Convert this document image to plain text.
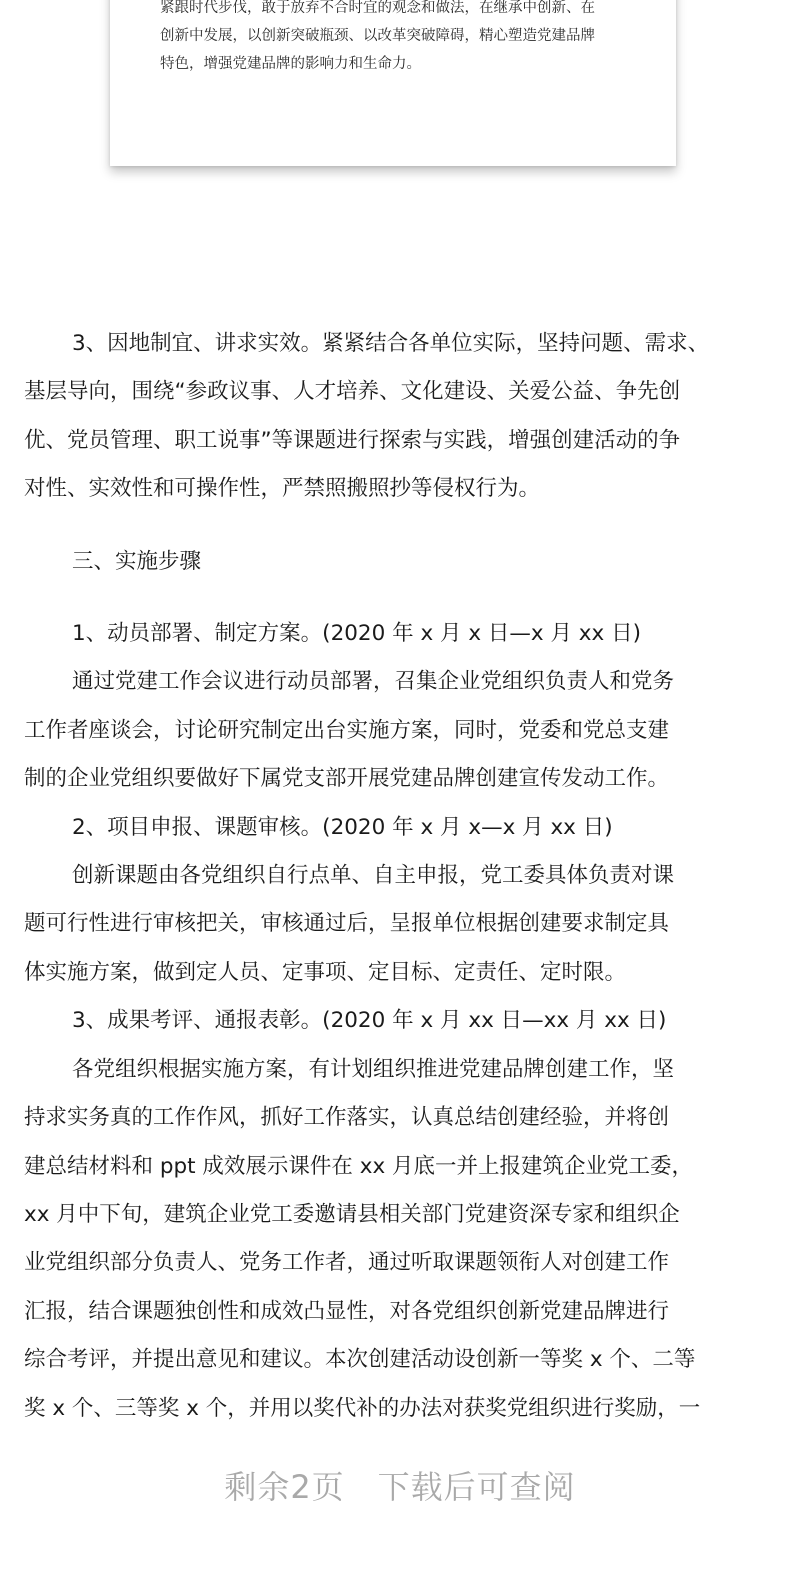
紧跟时代步伐，敢于放弃不合时宜的观念和做法，在继承中创新、在
创新中发展，以创新突破瓶颈、以改革突破障碍，精心塑造党建品牌
特色，增强党建品牌的影响力和生命力。

3、因地制宜、讲求实效。紧紧结合各单位实际，坚持问题、需求、
基层导向，围绕“参政议事、人才培养、文化建设、关爱公益、争先创
优、党员管理、职工说事”等课题进行探索与实践，增强创建活动的争
对性、实效性和可操作性，严禁照搬照抄等侵权行为。

三、实施步骤

1、动员部署、制定方案。(2020 年 x 月 x 日—x 月 xx 日)
通过党建工作会议进行动员部署，召集企业党组织负责人和党务
工作者座谈会，讨论研究制定出台实施方案，同时，党委和党总支建
制的企业党组织要做好下属党支部开展党建品牌创建宣传发动工作。

2、项目申报、课题审核。(2020 年 x 月 x—x 月 xx 日)
创新课题由各党组织自行点单、自主申报，党工委具体负责对课
题可行性进行审核把关，审核通过后，呈报单位根据创建要求制定具
体实施方案，做到定人员、定事项、定目标、定责任、定时限。

3、成果考评、通报表彰。(2020 年 x 月 xx 日—xx 月 xx 日)
各党组织根据实施方案，有计划组织推进党建品牌创建工作，坚
持求实务真的工作作风，抓好工作落实，认真总结创建经验，并将创
建总结材料和 ppt 成效展示课件在 xx 月底一并上报建筑企业党工委，
xx 月中下旬，建筑企业党工委邀请县相关部门党建资深专家和组织企
业党组织部分负责人、党务工作者，通过听取课题领衔人对创建工作
汇报，结合课题独创性和成效凸显性，对各党组织创新党建品牌进行
综合考评，并提出意见和建议。本次创建活动设创新一等奖 x 个、二等
奖 x 个、三等奖 x 个，并用以奖代补的办法对获奖党组织进行奖励，一

剩余2页　下载后可查阅
